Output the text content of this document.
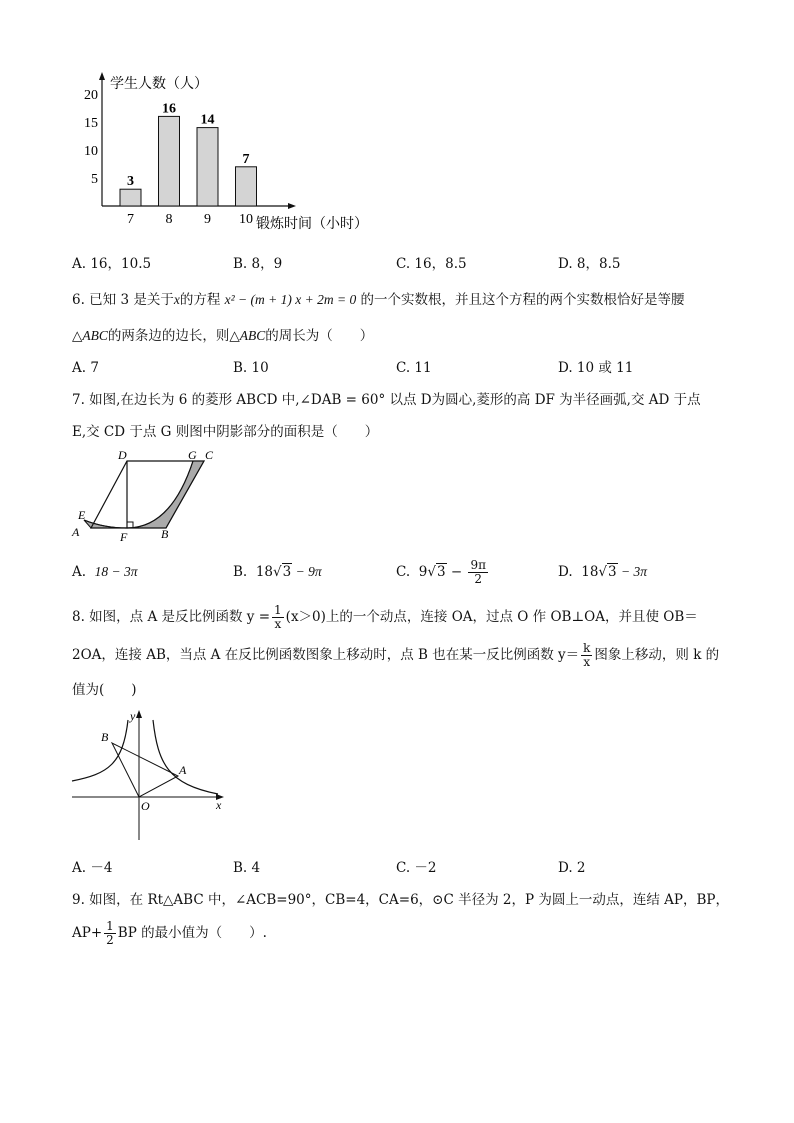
5
10
15
20
3
7
16
8
14
9
7
10
学生人数（人）
锻炼时间（小时）
A. 16，10.5	B. 8，9	C. 16，8.5	D. 8，8.5
6. 已知 3 是关于x的方程 x² − (m + 1) x + 2m = 0 的一个实数根，并且这个方程的两个实数根恰好是等腰
△ABC的两条边的边长，则△ABC的周长为（　　）
A. 7	B. 10	C. 11	D. 10 或 11
7. 如图,在边长为 6 的菱形 ABCD 中,∠DAB = 60° 以点 D为圆心,菱形的高 DF 为半径画弧,交 AD 于点
E,交 CD 于点 G 则图中阴影部分的面积是（　　）
D	G C
E
A	F	B
A. 18 − 3π	B. 18√3 − 9π	C. $9√3 - \frac{9\pi}{2}$	D. 18√3 − 3π
8. 如图，点 A 是反比例函数 $y = \frac{1}{x} (x>0)$上的一个动点，连接 OA，过点 O 作 OB⊥OA，并且使 OB＝
2OA，连接 AB，当点 A 在反比例函数图象上移动时，点 B 也在某一反比例函数 $y= \frac{k}{x}$ 图象上移动，则 k 的
值为(　　)
y
x
O
A
B
A. －4	B. 4	C. －2	D. 2
9. 如图，在 Rt△ABC 中，∠ACB=90°，CB=4，CA=6，⊙C 半径为 2，P 为圆上一动点，连结 AP，BP，
$AP+ \frac{1}{2}$ BP 的最小值为（　　）.
